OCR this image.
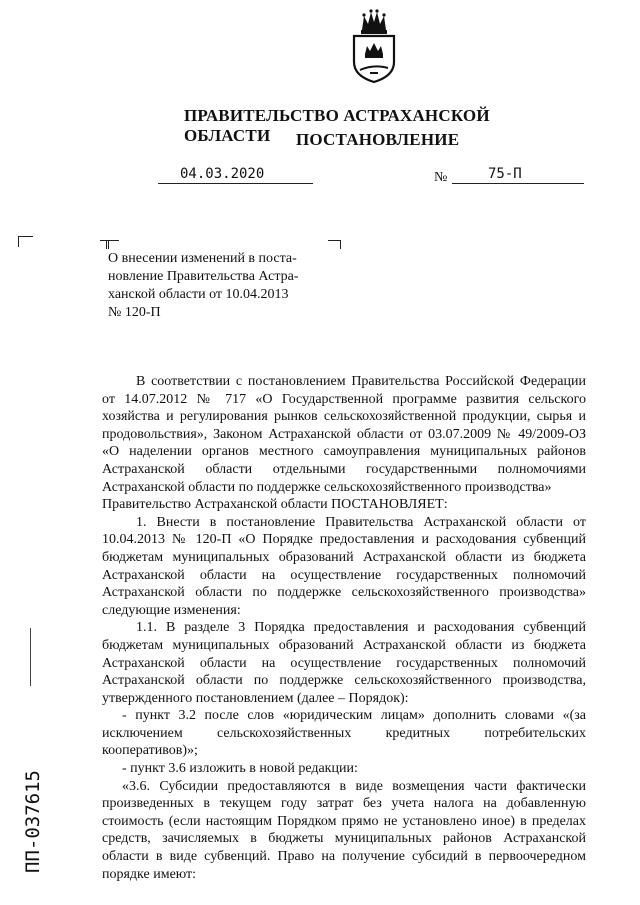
ПРАВИТЕЛЬСТВО АСТРАХАНСКОЙ ОБЛАСТИ	ПОСТАНОВЛЕНИЕ
04.03.2020	№	75-П

О внесении изменений в поста-

новление Правительства Астра-

ханской области от 10.04.2013

№ 120-П

В соответствии с постановлением Правительства Российской Федерации от 14.07.2012 № 717 «О Государственной программе развития сельского хозяйства и регулирования рынков сельскохозяйственной продукции, сырья и продовольствия», Законом Астраханской области от 03.07.2009 № 49/2009-ОЗ «О наделении органов местного самоуправления муниципальных районов Астраханской области отдельными государственными полномочиями Астраханской области по поддержке сельскохозяйственного производства»

Правительство Астраханской области ПОСТАНОВЛЯЕТ:

1. Внести в постановление Правительства Астраханской области от 10.04.2013 № 120-П «О Порядке предоставления и расходования субвенций бюджетам муниципальных образований Астраханской области из бюджета Астраханской области на осуществление государственных полномочий Астраханской области по поддержке сельскохозяйственного производства» следующие изменения:

1.1. В разделе 3 Порядка предоставления и расходования субвенций бюджетам муниципальных образований Астраханской области из бюджета Астраханской области на осуществление государственных полномочий Астраханской области по поддержке сельскохозяйственного производства, утвержденного постановлением (далее – Порядок):

- пункт 3.2 после слов «юридическим лицам» дополнить словами «(за исключением сельскохозяйственных кредитных потребительских кооперативов)»;

- пункт 3.6 изложить в новой редакции:

«3.6. Субсидии предоставляются в виде возмещения части фактически произведенных в текущем году затрат без учета налога на добавленную стоимость (если настоящим Порядком прямо не установлено иное) в пределах средств, зачисляемых в бюджеты муниципальных районов Астраханской области в виде субвенций. Право на получение субсидий в первоочередном порядке имеют:

ПП-037615
